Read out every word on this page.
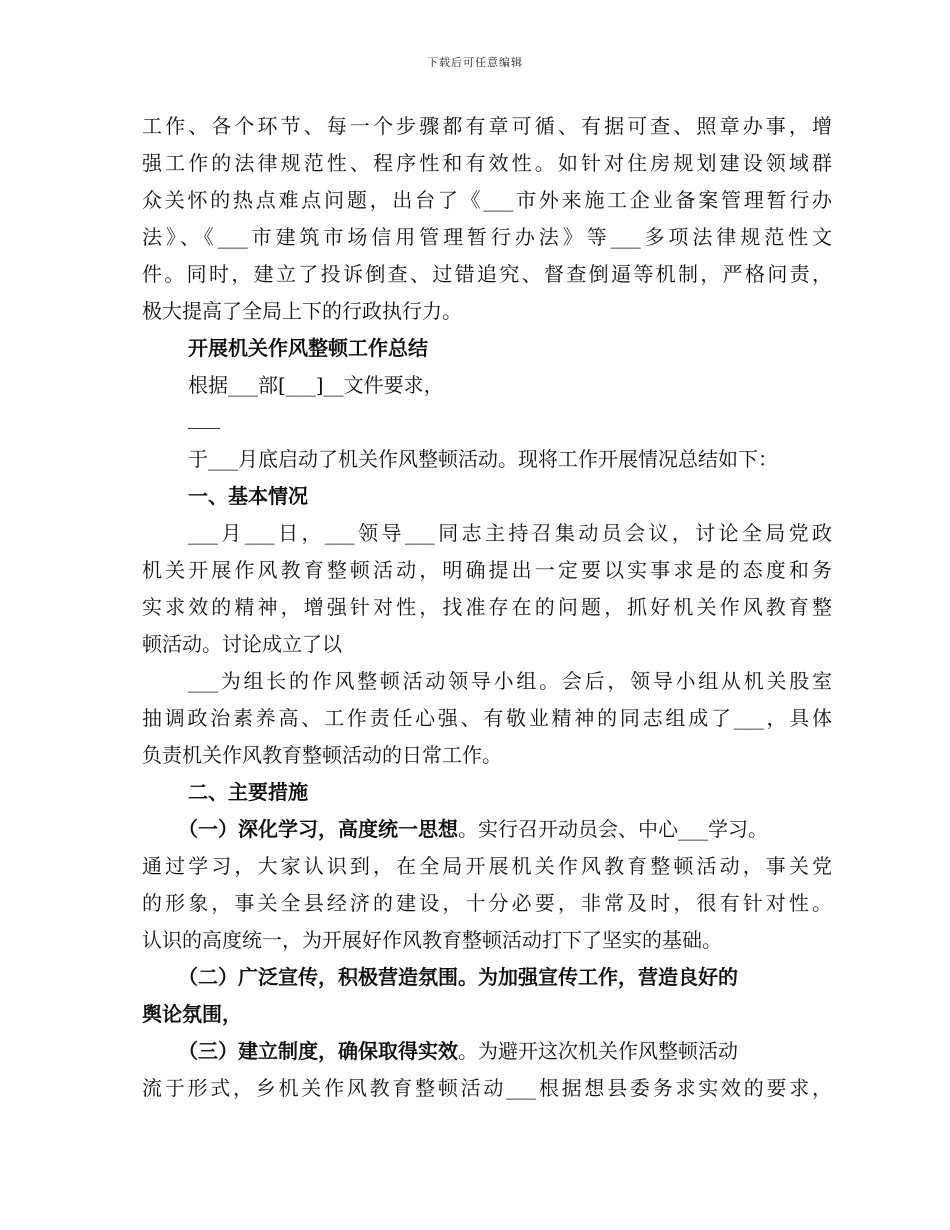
下载后可任意编辑
工作、各个环节、每一个步骤都有章可循、有据可查、照章办事，增
强工作的法律规范性、程序性和有效性。如针对住房规划建设领域群
众关怀的热点难点问题，出台了《___市外来施工企业备案管理暂行办
法》、《___市建筑市场信用管理暂行办法》等___多项法律规范性文
件。同时，建立了投诉倒查、过错追究、督查倒逼等机制，严格问责，
极大提高了全局上下的行政执行力。
开展机关作风整顿工作总结
根据___部[___]__文件要求，
于___月底启动了机关作风整顿活动。现将工作开展情况总结如下：
一、基本情况
___月___日，___领导___同志主持召集动员会议，讨论全局党政
机关开展作风教育整顿活动，明确提出一定要以实事求是的态度和务
实求效的精神，增强针对性，找准存在的问题，抓好机关作风教育整
顿活动。讨论成立了以
___为组长的作风整顿活动领导小组。会后，领导小组从机关股室
抽调政治素养高、工作责任心强、有敬业精神的同志组成了___，具体
负责机关作风教育整顿活动的日常工作。
二、主要措施
（一）深化学习，高度统一思想。实行召开动员会、中心___学习。
通过学习，大家认识到，在全局开展机关作风教育整顿活动，事关党
的形象，事关全县经济的建设，十分必要，非常及时，很有针对性。
认识的高度统一，为开展好作风教育整顿活动打下了坚实的基础。
（二）广泛宣传，积极营造氛围。为加强宣传工作，营造良好的
舆论氛围，
（三）建立制度，确保取得实效。为避开这次机关作风整顿活动
流于形式，乡机关作风教育整顿活动___根据想县委务求实效的要求，
